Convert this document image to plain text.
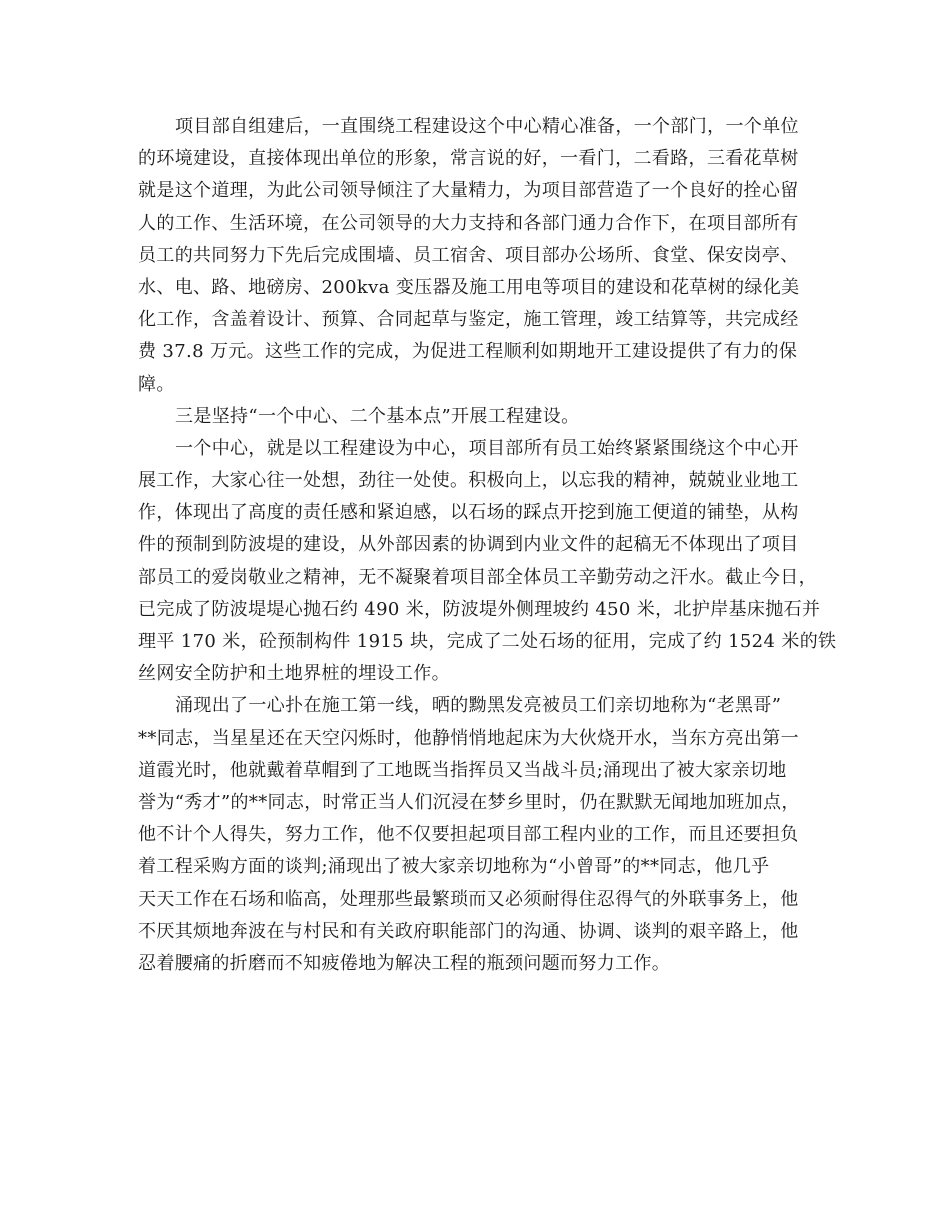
项目部自组建后，一直围绕工程建设这个中心精心准备，一个部门，一个单位
的环境建设，直接体现出单位的形象，常言说的好，一看门，二看路，三看花草树
就是这个道理，为此公司领导倾注了大量精力，为项目部营造了一个良好的拴心留
人的工作、生活环境，在公司领导的大力支持和各部门通力合作下，在项目部所有
员工的共同努力下先后完成围墙、员工宿舍、项目部办公场所、食堂、保安岗亭、
水、电、路、地磅房、200kva 变压器及施工用电等项目的建设和花草树的绿化美
化工作，含盖着设计、预算、合同起草与鉴定，施工管理，竣工结算等，共完成经
费 37.8 万元。这些工作的完成，为促进工程顺利如期地开工建设提供了有力的保
障。
三是坚持“一个中心、二个基本点”开展工程建设。
一个中心，就是以工程建设为中心，项目部所有员工始终紧紧围绕这个中心开
展工作，大家心往一处想，劲往一处使。积极向上，以忘我的精神，兢兢业业地工
作，体现出了高度的责任感和紧迫感，以石场的踩点开挖到施工便道的铺垫，从构
件的预制到防波堤的建设，从外部因素的协调到内业文件的起稿无不体现出了项目
部员工的爱岗敬业之精神，无不凝聚着项目部全体员工辛勤劳动之汗水。截止今日，
已完成了防波堤堤心抛石约 490 米，防波堤外侧理坡约 450 米，北护岸基床抛石并
理平 170 米，砼预制构件 1915 块，完成了二处石场的征用，完成了约 1524 米的铁
丝网安全防护和土地界桩的埋设工作。
涌现出了一心扑在施工第一线，晒的黝黑发亮被员工们亲切地称为“老黑哥”
**同志，当星星还在天空闪烁时，他静悄悄地起床为大伙烧开水，当东方亮出第一
道霞光时，他就戴着草帽到了工地既当指挥员又当战斗员;涌现出了被大家亲切地
誉为“秀才”的**同志，时常正当人们沉浸在梦乡里时，仍在默默无闻地加班加点，
他不计个人得失，努力工作，他不仅要担起项目部工程内业的工作，而且还要担负
着工程采购方面的谈判;涌现出了被大家亲切地称为“小曾哥”的**同志，他几乎
天天工作在石场和临高，处理那些最繁琐而又必须耐得住忍得气的外联事务上，他
不厌其烦地奔波在与村民和有关政府职能部门的沟通、协调、谈判的艰辛路上，他
忍着腰痛的折磨而不知疲倦地为解决工程的瓶颈问题而努力工作。
